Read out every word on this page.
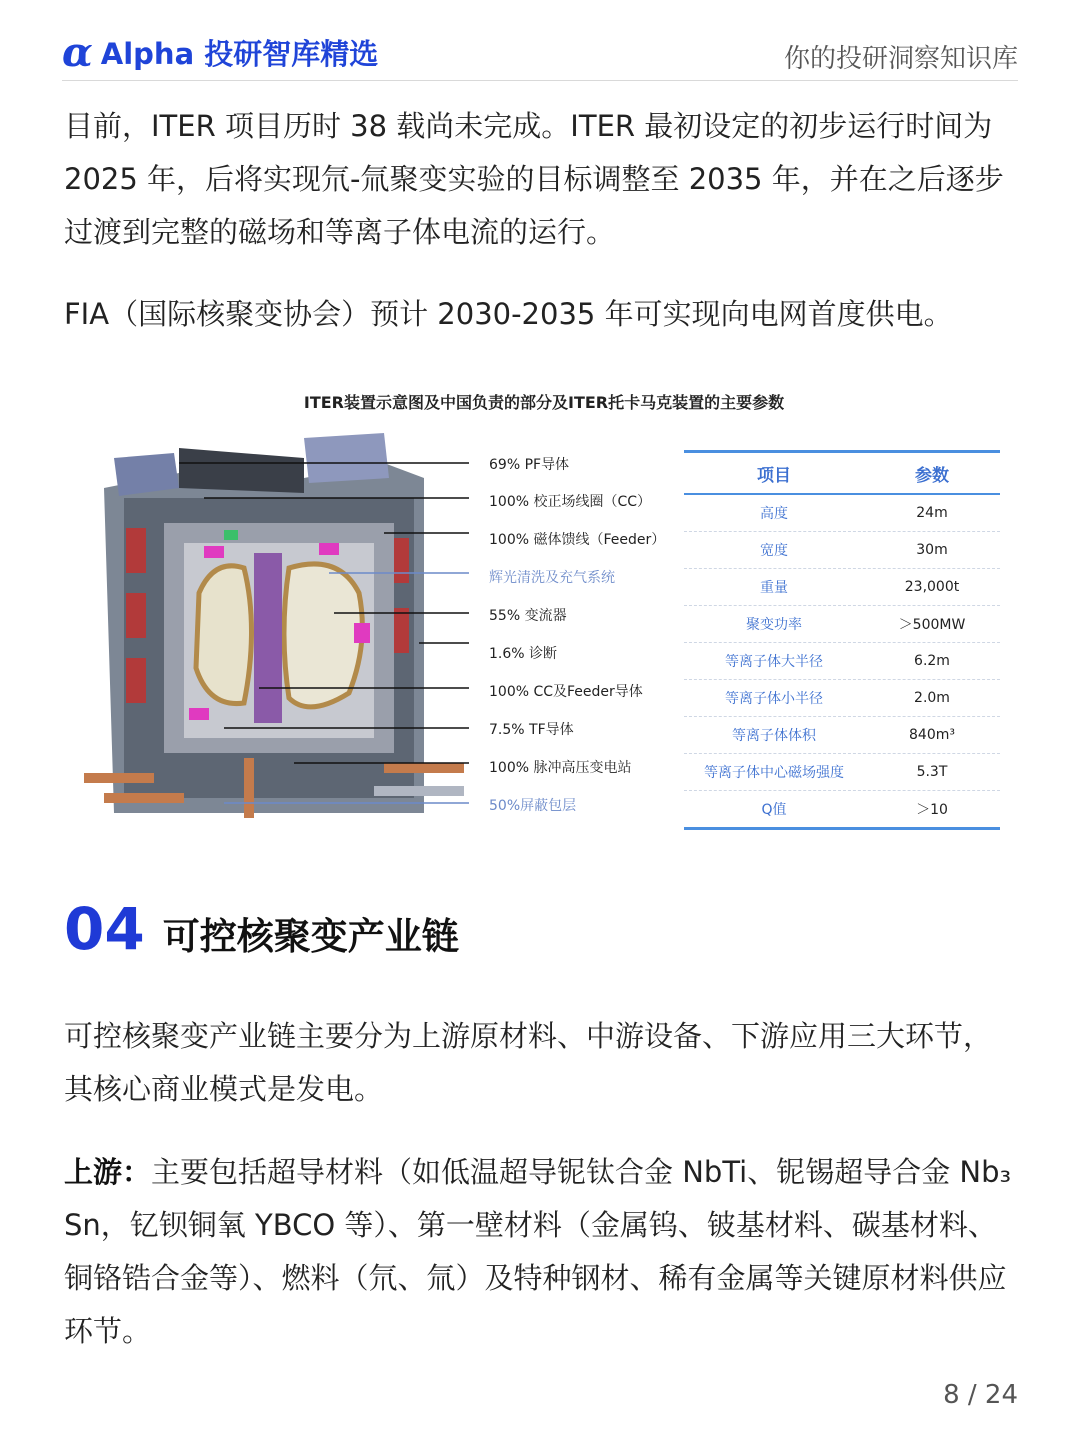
α Alpha 投研智库精选	你的投研洞察知识库
目前，ITER 项目历时 38 载尚未完成。ITER 最初设定的初步运行时间为 2025 年，后将实现氘-氚聚变实验的目标调整至 2035 年，并在之后逐步过渡到完整的磁场和等离子体电流的运行。
FIA（国际核聚变协会）预计 2030-2035 年可实现向电网首度供电。
ITER装置示意图及中国负责的部分及ITER托卡马克装置的主要参数
69% PF导体
100% 校正场线圈（CC）
100% 磁体馈线（Feeder）
辉光清洗及充气系统
55% 变流器
1.6% 诊断
100% CC及Feeder导体
7.5% TF导体
100% 脉冲高压变电站
50%屏蔽包层
项目	参数
高度	24m
宽度	30m
重量	23,000t
聚变功率	＞500MW
等离子体大半径	6.2m
等离子体小半径	2.0m
等离子体体积	840m³
等离子体中心磁场强度	5.3T
Q值	＞10
04 可控核聚变产业链
可控核聚变产业链主要分为上游原材料、中游设备、下游应用三大环节，其核心商业模式是发电。
上游：主要包括超导材料（如低温超导铌钛合金 NbTi、铌锡超导合金 Nb₃ Sn，钇钡铜氧 YBCO 等）、第一壁材料（金属钨、铍基材料、碳基材料、铜铬锆合金等）、燃料（氘、氚）及特种钢材、稀有金属等关键原材料供应环节。
8 / 24
